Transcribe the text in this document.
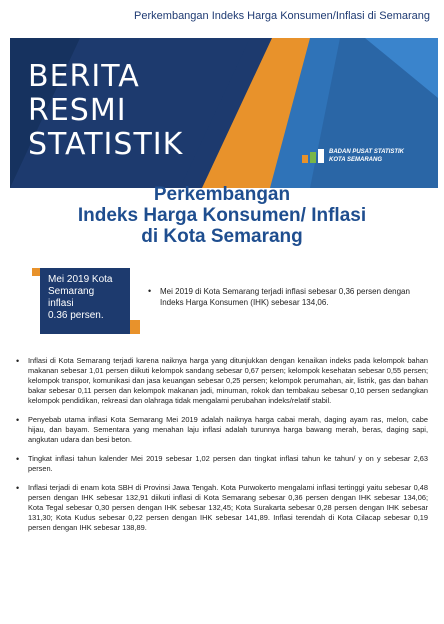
Perkembangan Indeks Harga Konsumen/Inflasi di Semarang
BERITA
RESMI
STATISTIK	BADAN PUSAT STATISTIK
KOTA SEMARANG
Perkembangan
Indeks Harga Konsumen/ Inflasi
di Kota Semarang
Mei 2019 Kota
Semarang
inflasi
0.36 persen.
•	Mei 2019 di Kota Semarang terjadi inflasi sebesar 0,36 persen dengan Indeks Harga Konsumen (IHK) sebesar 134,06.
•	Inflasi di Kota Semarang terjadi karena naiknya harga yang ditunjukkan dengan kenaikan indeks pada kelompok bahan makanan sebesar 1,01 persen diikuti kelompok sandang sebesar 0,67 persen; kelompok kesehatan sebesar 0,55 persen; kelompok transpor, komunikasi dan jasa keuangan sebesar 0,25 persen; kelompok perumahan, air, listrik, gas dan bahan bakar sebesar 0,11 persen dan kelompok makanan jadi, minuman, rokok dan tembakau sebesar 0,10 persen sedangkan kelompok pendidikan, rekreasi dan olahraga tidak mengalami perubahan indeks/relatif stabil.

•	Penyebab utama inflasi Kota Semarang Mei 2019 adalah naiknya harga cabai merah, daging ayam ras, melon, cabe hijau, dan bayam. Sementara yang menahan laju inflasi adalah turunnya harga bawang merah, beras, daging sapi, angkutan udara dan besi beton.

•	Tingkat inflasi tahun kalender Mei 2019 sebesar 1,02 persen dan tingkat inflasi tahun ke tahun/ y on y sebesar 2,63 persen.

•	Inflasi terjadi di enam kota SBH di Provinsi Jawa Tengah. Kota Purwokerto mengalami inflasi tertinggi yaitu sebesar 0,48 persen dengan IHK sebesar 132,91 diikuti inflasi di Kota Semarang sebesar 0,36 persen dengan IHK sebesar 134,06; Kota Tegal sebesar 0,30 persen dengan IHK sebesar 132,45; Kota Surakarta sebesar 0,28 persen dengan IHK sebesar 131,30; Kota Kudus sebesar 0,22 persen dengan IHK sebesar 141,89. Inflasi terendah di Kota Cilacap sebesar 0,19 persen dengan IHK sebesar 138,89.
